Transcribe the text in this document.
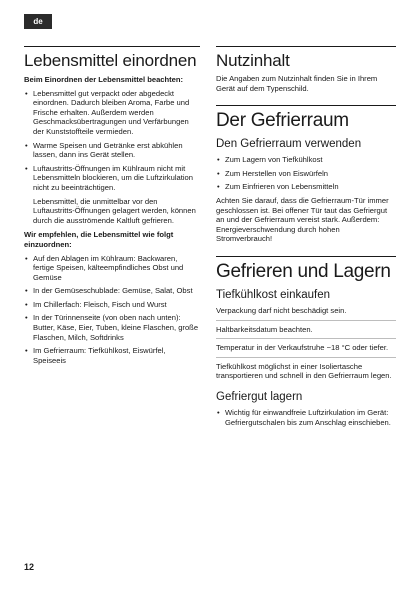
de
Lebensmittel einordnen
Beim Einordnen der Lebensmittel beachten:
• Lebensmittel gut verpackt oder abgedeckt einordnen. Dadurch bleiben Aroma, Farbe und Frische erhalten. Außerdem werden Geschmacksübertragungen und Verfärbungen der Kunststoffteile vermieden.
• Warme Speisen und Getränke erst abkühlen lassen, dann ins Gerät stellen.
• Luftaustritts-Öffnungen im Kühlraum nicht mit Lebensmitteln blockieren, um die Luftzirkulation nicht zu beeinträchtigen.
Lebensmittel, die unmittelbar vor den Luftaustritts-Öffnungen gelagert werden, können durch die ausströmende Kaltluft gefrieren.
Wir empfehlen, die Lebensmittel wie folgt einzuordnen:
• Auf den Ablagen im Kühlraum: Backwaren, fertige Speisen, kälteempfindliches Obst und Gemüse
• In der Gemüseschublade: Gemüse, Salat, Obst
• Im Chillerfach: Fleisch, Fisch und Wurst
• In der Türinnenseite (von oben nach unten): Butter, Käse, Eier, Tuben, kleine Flaschen, große Flaschen, Milch, Softdrinks
• Im Gefrierraum: Tiefkühlkost, Eiswürfel, Speiseeis
Nutzinhalt

Die Angaben zum Nutzinhalt finden Sie in Ihrem Gerät auf dem Typenschild.

Der Gefrierraum
Den Gefrierraum verwenden
• Zum Lagern von Tiefkühlkost
• Zum Herstellen von Eiswürfeln
• Zum Einfrieren von Lebensmitteln

Achten Sie darauf, dass die Gefrierraum-Tür immer geschlossen ist. Bei offener Tür taut das Gefriergut an und der Gefrierraum vereist stark. Außerdem: Energieverschwendung durch hohen Stromverbrauch!

Gefrieren und Lagern
Tiefkühlkost einkaufen

Verpackung darf nicht beschädigt sein.

Haltbarkeitsdatum beachten.

Temperatur in der Verkaufstruhe −18 °C oder tiefer.

Tiefkühlkost möglichst in einer Isoliertasche transportieren und schnell in den Gefrierraum legen.

Gefriergut lagern
• Wichtig für einwandfreie Luftzirkulation im Gerät: Gefriergutschalen bis zum Anschlag einschieben.
12
